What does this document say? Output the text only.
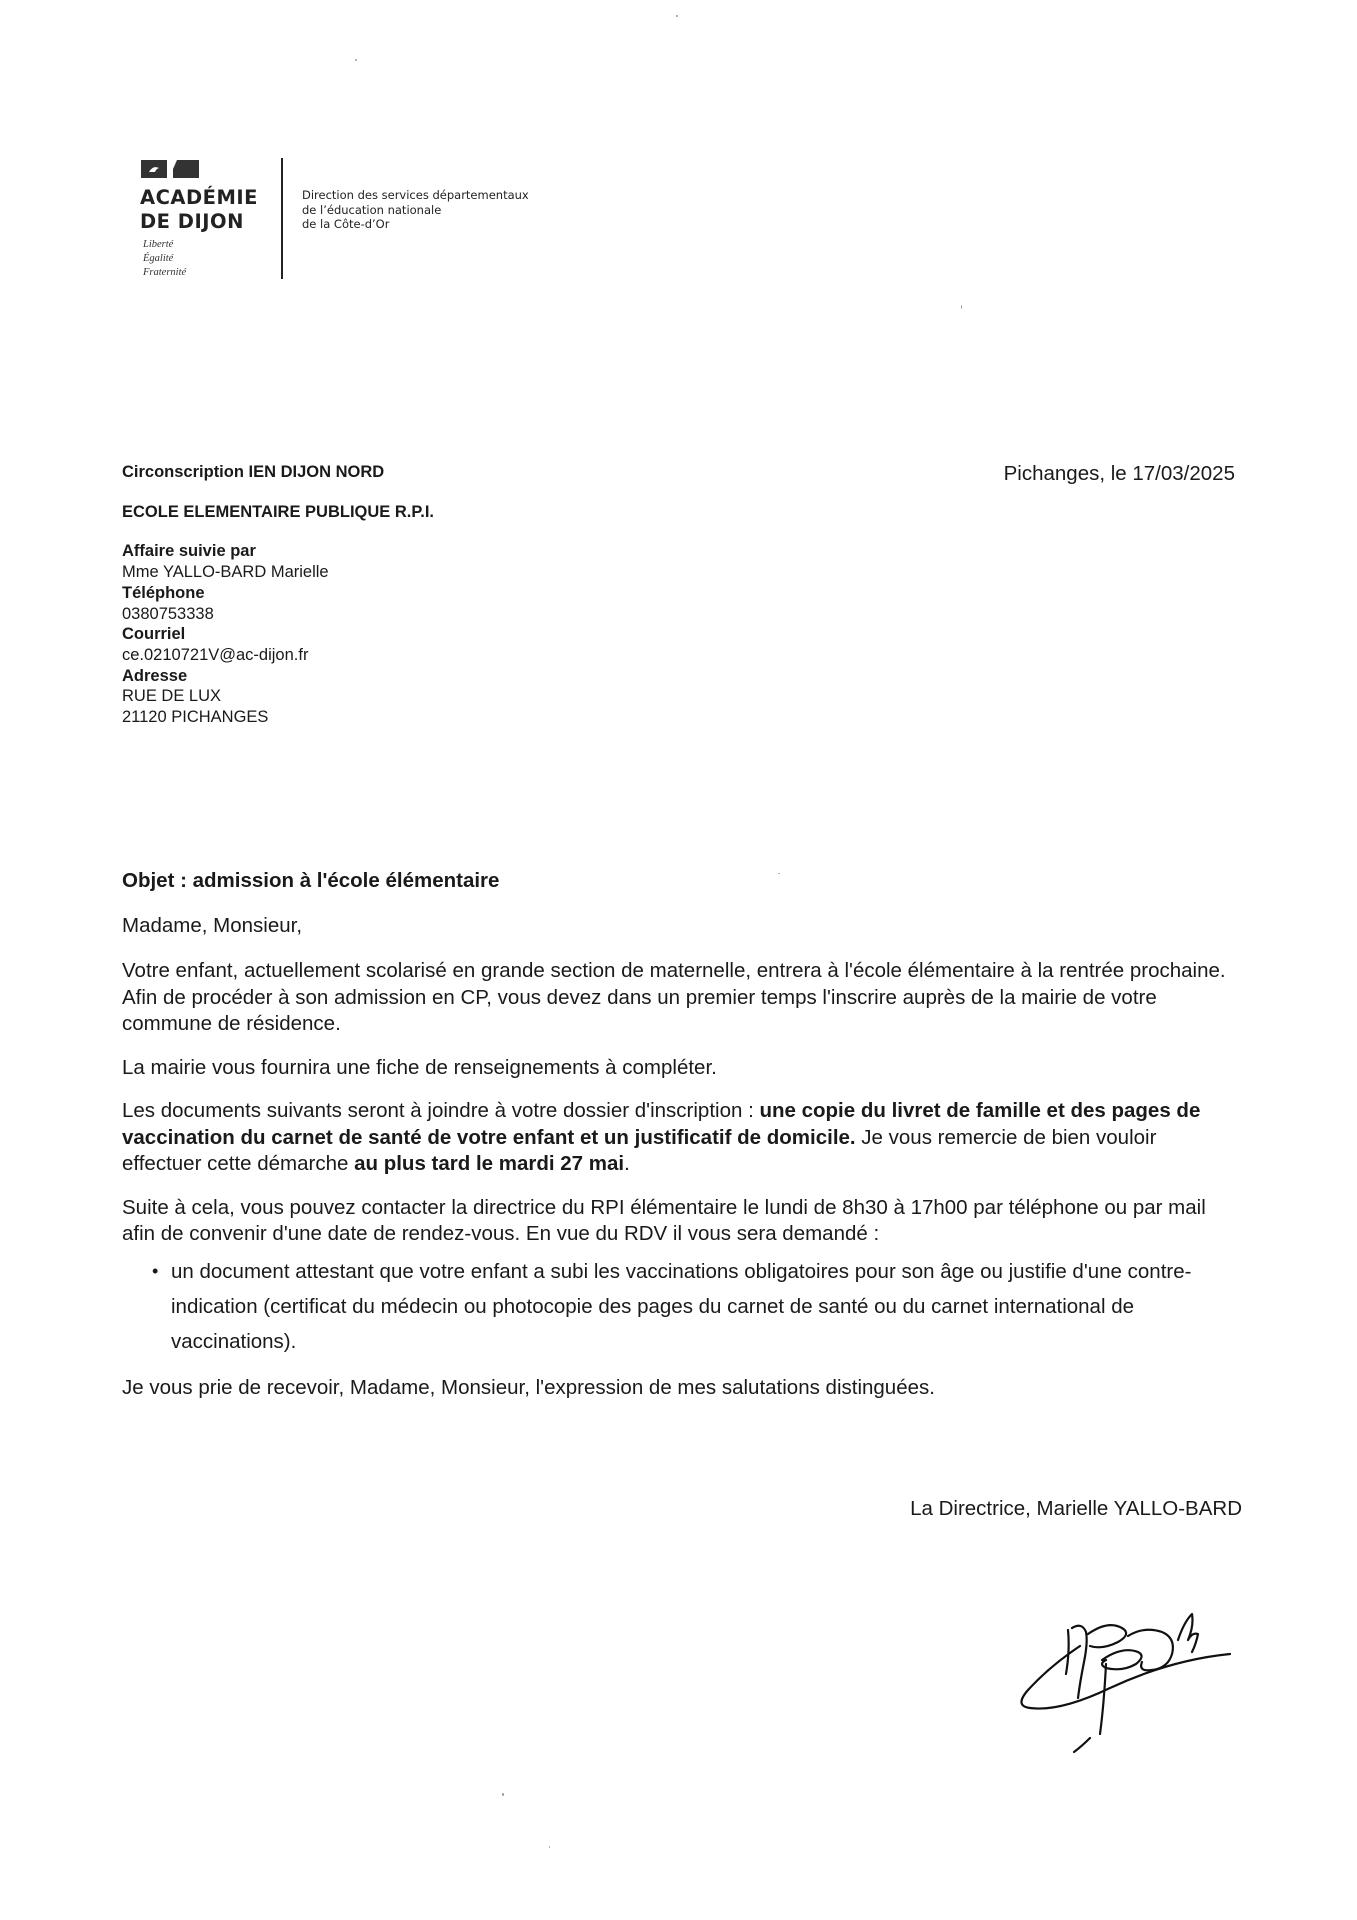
ACADÉMIE
DE DIJON
Liberté
Égalité
Fraternité
Direction des services départementaux
de l’éducation nationale
de la Côte-d’Or
Circonscription IEN DIJON NORD
ECOLE ELEMENTAIRE PUBLIQUE R.P.I.
Affaire suivie par
Mme YALLO-BARD Marielle
Téléphone
0380753338
Courriel
ce.0210721V@ac-dijon.fr
Adresse
RUE DE LUX
21120 PICHANGES
Pichanges, le 17/03/2025

Objet : admission à l'école élémentaire

Madame, Monsieur,

Votre enfant, actuellement scolarisé en grande section de maternelle, entrera à l'école élémentaire à la rentrée prochaine. Afin de procéder à son admission en CP, vous devez dans un premier temps l'inscrire auprès de la mairie de votre commune de résidence.

La mairie vous fournira une fiche de renseignements à compléter.

Les documents suivants seront à joindre à votre dossier d'inscription : une copie du livret de famille et des pages de vaccination du carnet de santé de votre enfant et un justificatif de domicile. Je vous remercie de bien vouloir effectuer cette démarche au plus tard le mardi 27 mai.

Suite à cela, vous pouvez contacter la directrice du RPI élémentaire le lundi de 8h30 à 17h00 par téléphone ou par mail afin de convenir d'une date de rendez-vous. En vue du RDV il vous sera demandé :

• un document attestant que votre enfant a subi les vaccinations obligatoires pour son âge ou justifie d'une contre-indication (certificat du médecin ou photocopie des pages du carnet de santé ou du carnet international de vaccinations).

Je vous prie de recevoir, Madame, Monsieur, l'expression de mes salutations distinguées.

La Directrice, Marielle YALLO-BARD
